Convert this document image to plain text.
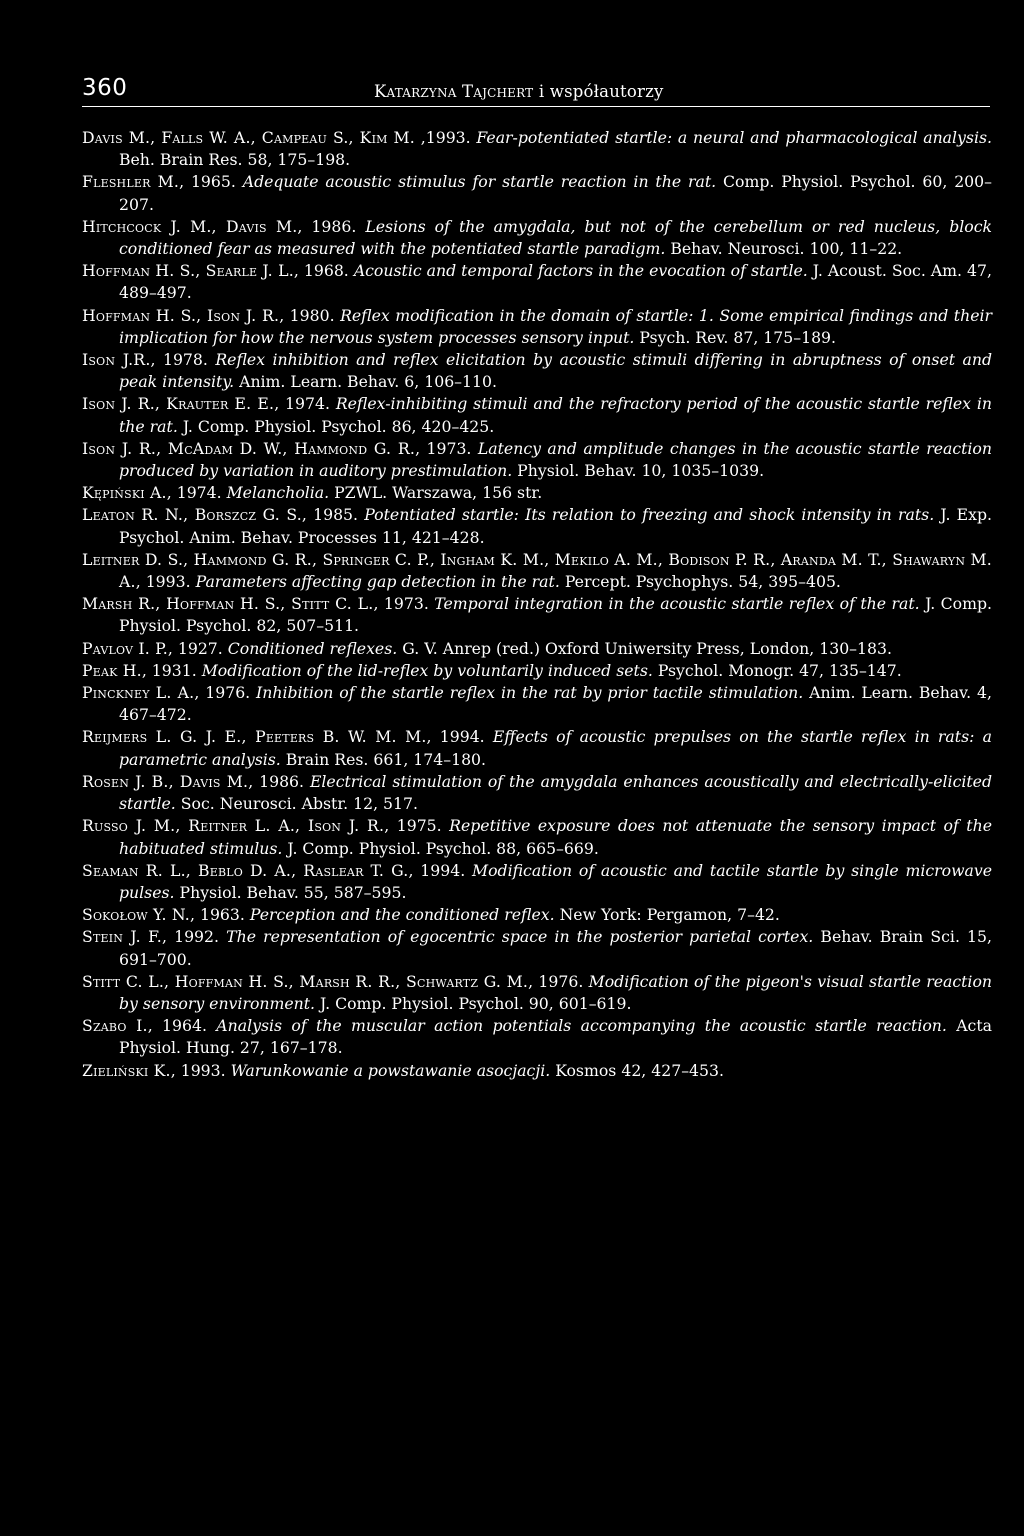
360	Katarzyna Tajchert i współautorzy

Davis M., Falls W. A., Campeau S., Kim M. ,1993. Fear-potentiated startle: a neural and pharmacological analysis. Beh. Brain Res. 58, 175–198.

Fleshler M., 1965. Adequate acoustic stimulus for startle reaction in the rat. Comp. Physiol. Psychol. 60, 200–207.

Hitchcock J. M., Davis M., 1986. Lesions of the amygdala, but not of the cerebellum or red nucleus, block conditioned fear as measured with the potentiated startle paradigm. Behav. Neurosci. 100, 11–22.

Hoffman H. S., Searle J. L., 1968. Acoustic and temporal factors in the evocation of startle. J. Acoust. Soc. Am. 47, 489–497.

Hoffman H. S., Ison J. R., 1980. Reflex modification in the domain of startle: 1. Some empirical findings and their implication for how the nervous system processes sensory input. Psych. Rev. 87, 175–189.

Ison J.R., 1978. Reflex inhibition and reflex elicitation by acoustic stimuli differing in abruptness of onset and peak intensity. Anim. Learn. Behav. 6, 106–110.

Ison J. R., Krauter E. E., 1974. Reflex-inhibiting stimuli and the refractory period of the acoustic startle reflex in the rat. J. Comp. Physiol. Psychol. 86, 420–425.

Ison J. R., McAdam D. W., Hammond G. R., 1973. Latency and amplitude changes in the acoustic startle reaction produced by variation in auditory prestimulation. Physiol. Behav. 10, 1035–1039.

Kępiński A., 1974. Melancholia. PZWL. Warszawa, 156 str.

Leaton R. N., Borszcz G. S., 1985. Potentiated startle: Its relation to freezing and shock intensity in rats. J. Exp. Psychol. Anim. Behav. Processes 11, 421–428.

Leitner D. S., Hammond G. R., Springer C. P., Ingham K. M., Mekilo A. M., Bodison P. R., Aranda M. T., Shawaryn M. A., 1993. Parameters affecting gap detection in the rat. Percept. Psychophys. 54, 395–405.

Marsh R., Hoffman H. S., Stitt C. L., 1973. Temporal integration in the acoustic startle reflex of the rat. J. Comp. Physiol. Psychol. 82, 507–511.

Pavlov I. P., 1927. Conditioned reflexes. G. V. Anrep (red.) Oxford Uniwersity Press, London, 130–183.

Peak H., 1931. Modification of the lid-reflex by voluntarily induced sets. Psychol. Monogr. 47, 135–147.

Pinckney L. A., 1976. Inhibition of the startle reflex in the rat by prior tactile stimulation. Anim. Learn. Behav. 4, 467–472.

Reijmers L. G. J. E., Peeters B. W. M. M., 1994. Effects of acoustic prepulses on the startle reflex in rats: a parametric analysis. Brain Res. 661, 174–180.

Rosen J. B., Davis M., 1986. Electrical stimulation of the amygdala enhances acoustically and electrically-elicited startle. Soc. Neurosci. Abstr. 12, 517.

Russo J. M., Reitner L. A., Ison J. R., 1975. Repetitive exposure does not attenuate the sensory impact of the habituated stimulus. J. Comp. Physiol. Psychol. 88, 665–669.

Seaman R. L., Beblo D. A., Raslear T. G., 1994. Modification of acoustic and tactile startle by single microwave pulses. Physiol. Behav. 55, 587–595.

Sokołow Y. N., 1963. Perception and the conditioned reflex. New York: Pergamon, 7–42.

Stein J. F., 1992. The representation of egocentric space in the posterior parietal cortex. Behav. Brain Sci. 15, 691–700.

Stitt C. L., Hoffman H. S., Marsh R. R., Schwartz G. M., 1976. Modification of the pigeon's visual startle reaction by sensory environment. J. Comp. Physiol. Psychol. 90, 601–619.

Szabo I., 1964. Analysis of the muscular action potentials accompanying the acoustic startle reaction. Acta Physiol. Hung. 27, 167–178.

Zieliński K., 1993. Warunkowanie a powstawanie asocjacji. Kosmos 42, 427–453.
